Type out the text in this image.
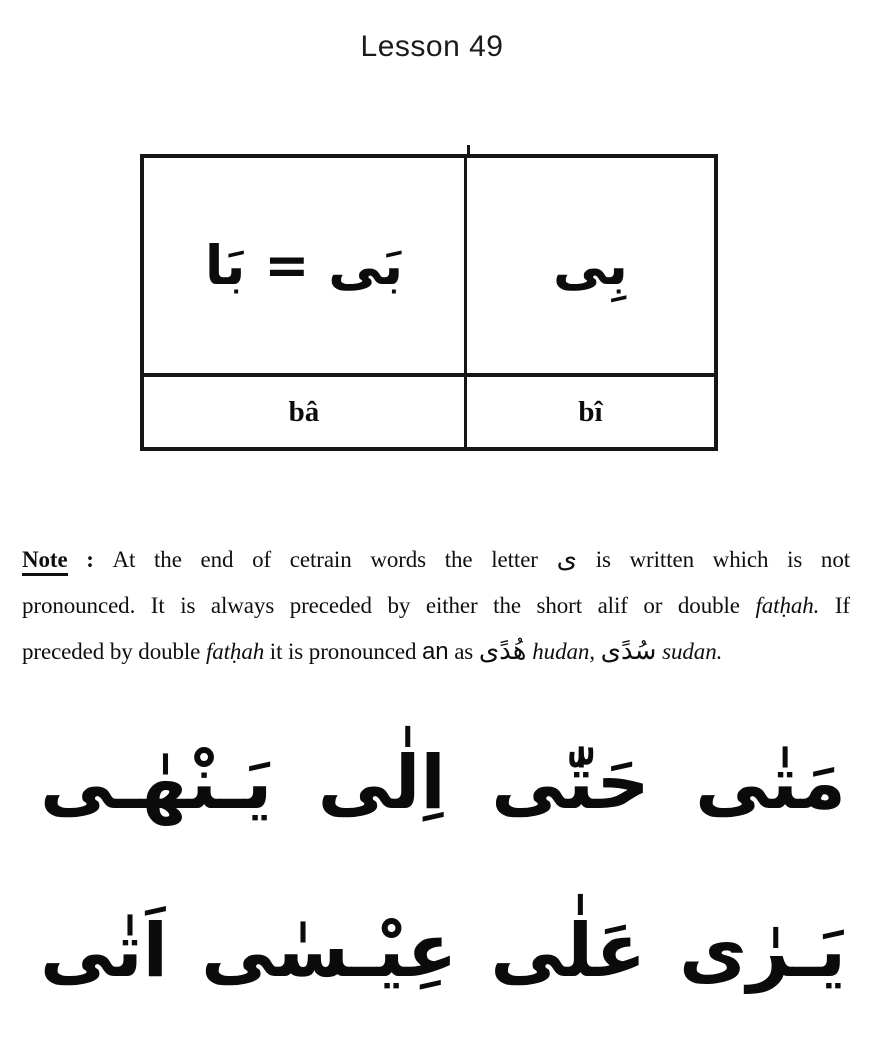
Lesson 49
بَى = بَا	بِى
bâ	bî
Note : At the end of cetrain words the letter ى is written which is not
pronounced. It is always preceded by either the short alif or double fatḥah. If
preceded by double fatḥah it is pronounced an as هُدًى hudan, سُدًى sudan.
مَتٰى
حَتّٰى
اِلٰى
يَـنْهٰـى
يَـرٰى
عَلٰى
عِيْـسٰى
اَتٰى
